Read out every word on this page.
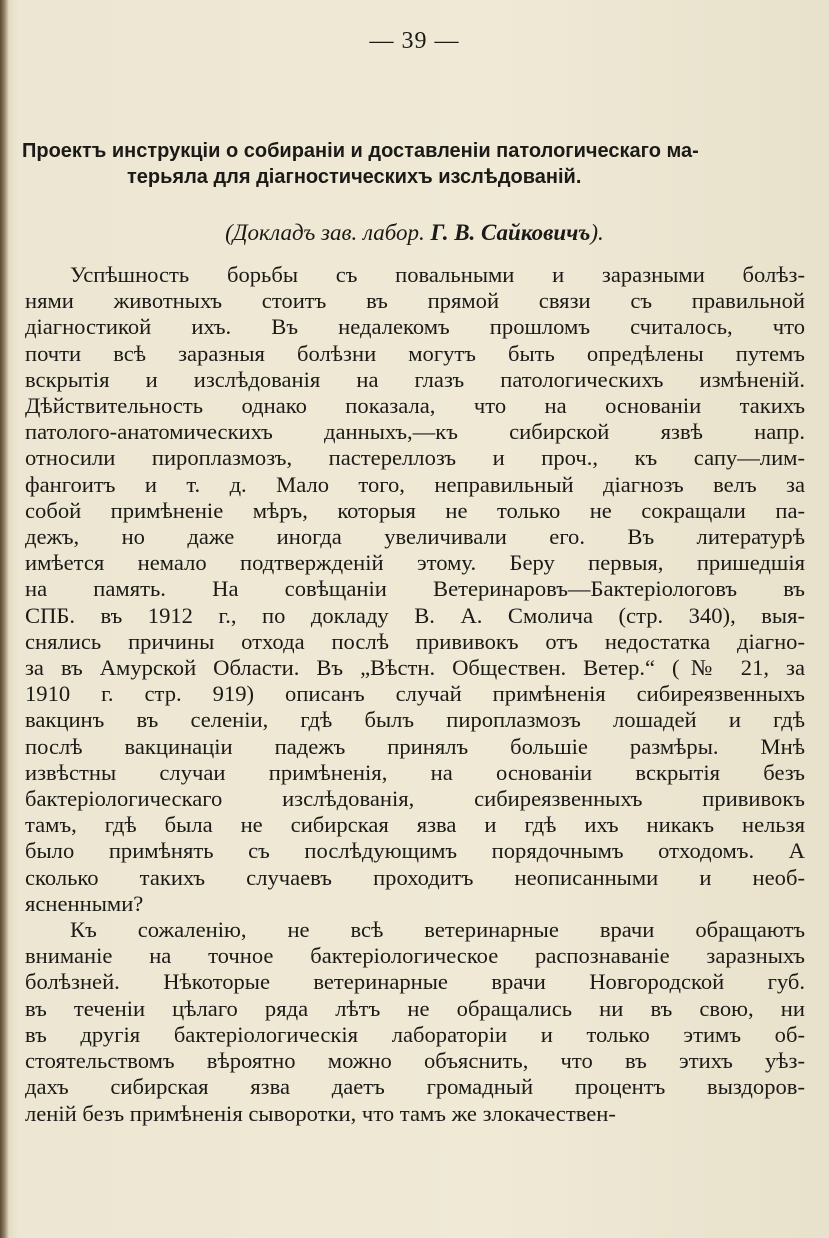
— 39 —
Проектъ инструкціи о собираніи и доставленіи патологическаго ма-
терьяла для діагностическихъ изслѣдованій.
(Докладъ зав. лабор. Г. В. Сайковичъ).
Успѣшность борьбы съ повальными и заразными болѣз-
нями животныхъ стоитъ въ прямой связи съ правильной
діагностикой ихъ. Въ недалекомъ прошломъ считалось, что
почти всѣ заразныя болѣзни могутъ быть опредѣлены путемъ
вскрытія и изслѣдованія на глазъ патологическихъ измѣненій.
Дѣйствительность однако показала, что на основаніи такихъ
патолого-анатомическихъ данныхъ,—къ сибирской язвѣ напр.
относили пироплазмозъ, пастереллозъ и проч., къ сапу—лим-
фангоитъ и т. д. Мало того, неправильный діагнозъ велъ за
собой примѣненіе мѣръ, которыя не только не сокращали па-
дежъ, но даже иногда увеличивали его. Въ литературѣ
имѣется немало подтвержденій этому. Беру первыя, пришедшія
на память. На совѣщаніи Ветеринаровъ—Бактеріологовъ въ
СПБ. въ 1912 г., по докладу В. А. Смолича (стр. 340), выя-
снялись причины отхода послѣ прививокъ отъ недостатка діагно-
за въ Амурской Области. Въ „Вѣстн. Обществен. Ветер.“ (№ 21, за
1910 г. стр. 919) описанъ случай примѣненія сибиреязвенныхъ
вакцинъ въ селеніи, гдѣ былъ пироплазмозъ лошадей и гдѣ
послѣ вакцинаціи падежъ принялъ большіе размѣры. Мнѣ
извѣстны случаи примѣненія, на основаніи вскрытія безъ
бактеріологическаго изслѣдованія, сибиреязвенныхъ прививокъ
тамъ, гдѣ была не сибирская язва и гдѣ ихъ никакъ нельзя
было примѣнять съ послѣдующимъ порядочнымъ отходомъ. А
сколько такихъ случаевъ проходитъ неописанными и необ-
ясненными?
Къ сожаленію, не всѣ ветеринарные врачи обращаютъ
вниманіе на точное бактеріологическое распознаваніе заразныхъ
болѣзней. Нѣкоторые ветеринарные врачи Новгородской губ.
въ теченіи цѣлаго ряда лѣтъ не обращались ни въ свою, ни
въ другія бактеріологическія лабораторіи и только этимъ об-
стоятельствомъ вѣроятно можно объяснить, что въ этихъ уѣз-
дахъ сибирская язва даетъ громадный процентъ выздоров-
леній безъ примѣненія сыворотки, что тамъ же злокачествен-
